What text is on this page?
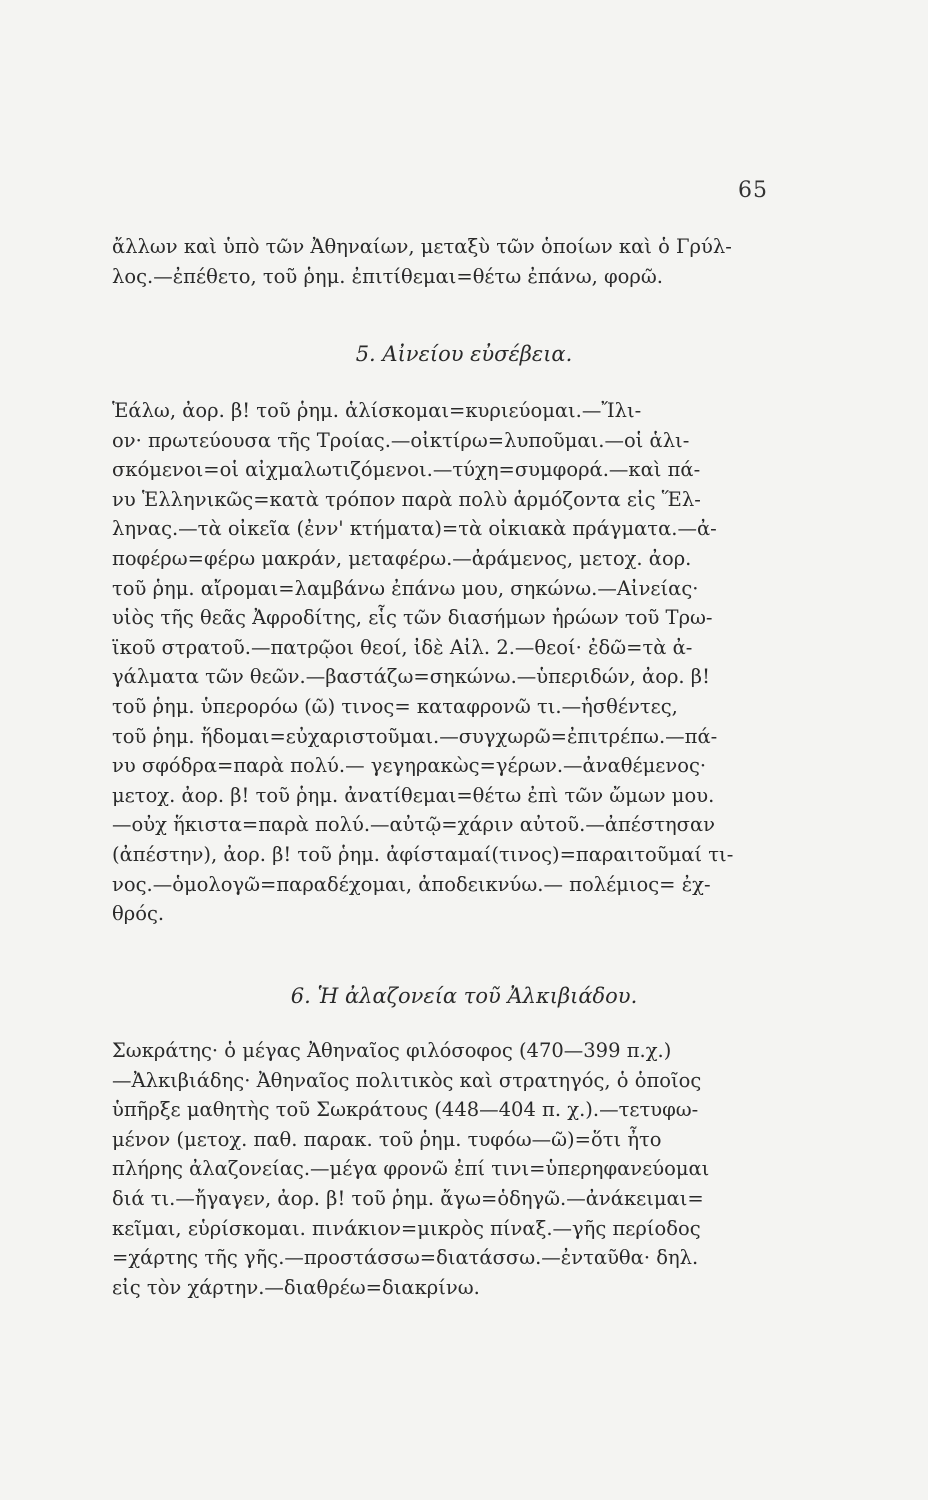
65
ἄλλων καὶ ὑπὸ τῶν Ἀθηναίων, μεταξὺ τῶν ὁποίων καὶ ὁ Γρύλ-
λος.—ἐπέθετο, τοῦ ῥημ. ἐπιτίθεμαι=θέτω ἐπάνω, φορῶ.
5. Αἰνείου εὐσέβεια.
Ἑάλω, ἀορ. β! τοῦ ῥημ. ἁλίσκομαι=κυριεύομαι.—Ἴλι-
ον· πρωτεύουσα τῆς Τροίας.—οἰκτίρω=λυποῦμαι.—οἱ ἁλι-
σκόμενοι=οἱ αἰχμαλωτιζόμενοι.—τύχη=συμφορά.—καὶ πά-
νυ Ἑλληνικῶς=κατὰ τρόπον παρὰ πολὺ ἁρμόζοντα εἰς Ἕλ-
ληνας.—τὰ οἰκεῖα (ἐνν' κτήματα)=τὰ οἰκιακὰ πράγματα.—ἀ-
ποφέρω=φέρω μακράν, μεταφέρω.—ἀράμενος, μετοχ. ἀορ.
τοῦ ῥημ. αἴρομαι=λαμβάνω ἐπάνω μου, σηκώνω.—Αἰνείας·
υἱὸς τῆς θεᾶς Ἀφροδίτης, εἷς τῶν διασήμων ἡρώων τοῦ Τρω-
ϊκοῦ στρατοῦ.—πατρῷοι θεοί, ἰδὲ Αἰλ. 2.—θεοί· ἐδῶ=τὰ ἀ-
γάλματα τῶν θεῶν.—βαστάζω=σηκώνω.—ὑπεριδών, ἀορ. β!
τοῦ ῥημ. ὑπερορόω (ῶ) τινος= καταφρονῶ τι.—ἡσθέντες,
τοῦ ῥημ. ἥδομαι=εὐχαριστοῦμαι.—συγχωρῶ=ἐπιτρέπω.—πά-
νυ σφόδρα=παρὰ πολύ.— γεγηρακὼς=γέρων.—ἀναθέμενος·
μετοχ. ἀορ. β! τοῦ ῥημ. ἀνατίθεμαι=θέτω ἐπὶ τῶν ὤμων μου.
—οὐχ ἥκιστα=παρὰ πολύ.—αὐτῷ=χάριν αὐτοῦ.—ἀπέστησαν
(ἀπέστην), ἀορ. β! τοῦ ῥημ. ἀφίσταμαί(τινος)=παραιτοῦμαί τι-
νος.—ὁμολογῶ=παραδέχομαι, ἀποδεικνύω.— πολέμιος= ἐχ-
θρός.
6. Ἡ ἀλαζονεία τοῦ Ἀλκιβιάδου.
Σωκράτης· ὁ μέγας Ἀθηναῖος φιλόσοφος (470—399 π.χ.)
—Ἀλκιβιάδης· Ἀθηναῖος πολιτικὸς καὶ στρατηγός, ὁ ὁποῖος
ὑπῆρξε μαθητὴς τοῦ Σωκράτους (448—404 π. χ.).—τετυφω-
μένον (μετοχ. παθ. παρακ. τοῦ ῥημ. τυφόω—ῶ)=ὅτι ἦτο
πλήρης ἀλαζονείας.—μέγα φρονῶ ἐπί τινι=ὑπερηφανεύομαι
διά τι.—ἤγαγεν, ἀορ. β! τοῦ ῥημ. ἄγω=ὁδηγῶ.—ἀνάκειμαι=
κεῖμαι, εὑρίσκομαι. πινάκιον=μικρὸς πίναξ.—γῆς περίοδος
=χάρτης τῆς γῆς.—προστάσσω=διατάσσω.—ἐνταῦθα· δηλ.
εἰς τὸν χάρτην.—διαθρέω=διακρίνω.
